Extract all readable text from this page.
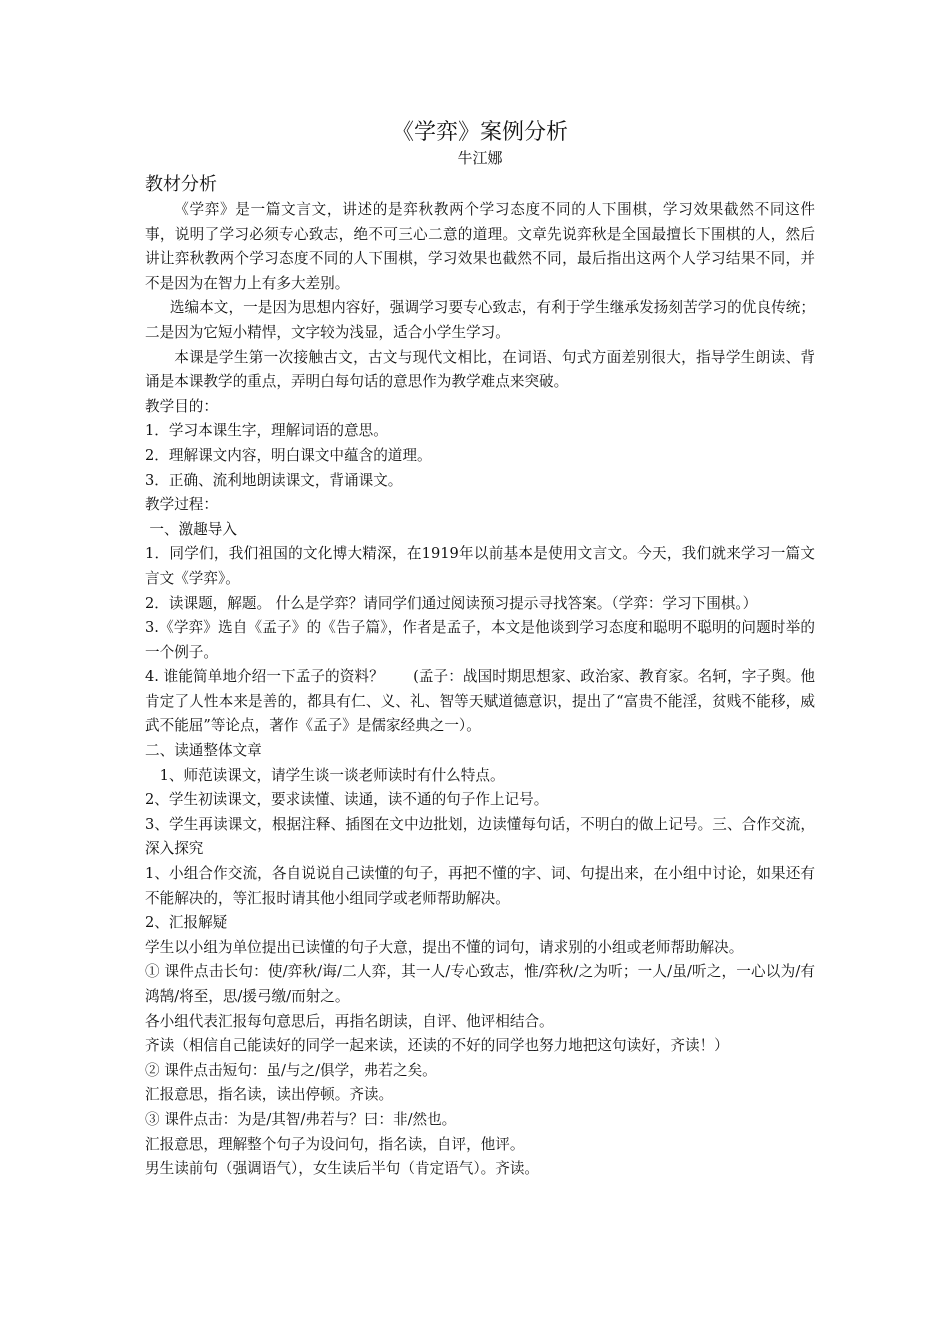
《学弈》案例分析
牛江娜
教材分析

《学弈》是一篇文言文，讲述的是弈秋教两个学习态度不同的人下围棋，学习效果截然不同这件事，说明了学习必须专心致志，绝不可三心二意的道理。文章先说弈秋是全国最擅长下围棋的人，然后讲让弈秋教两个学习态度不同的人下围棋，学习效果也截然不同，最后指出这两个人学习结果不同，并不是因为在智力上有多大差别。

选编本文，一是因为思想内容好，强调学习要专心致志，有利于学生继承发扬刻苦学习的优良传统；二是因为它短小精悍，文字较为浅显，适合小学生学习。

本课是学生第一次接触古文，古文与现代文相比，在词语、句式方面差别很大，指导学生朗读、背诵是本课教学的重点，弄明白每句话的意思作为教学难点来突破。

教学目的：

1．学习本课生字，理解词语的意思。

2．理解课文内容，明白课文中蕴含的道理。

3．正确、流利地朗读课文，背诵课文。

教学过程：

一、激趣导入

1．同学们，我们祖国的文化博大精深，在1919年以前基本是使用文言文。今天，我们就来学习一篇文言文《学弈》。

2．读课题，解题。 什么是学弈？请同学们通过阅读预习提示寻找答案。（学弈：学习下围棋。）

3.《学弈》选自《孟子》的《告子篇》，作者是孟子，本文是他谈到学习态度和聪明不聪明的问题时举的一个例子。

4. 谁能简单地介绍一下孟子的资料？　　(孟子：战国时期思想家、政治家、教育家。名轲，字子舆。他肯定了人性本来是善的，都具有仁、义、礼、智等天赋道德意识，提出了“富贵不能淫，贫贱不能移，威武不能屈”等论点，著作《孟子》是儒家经典之一）。

二、读通整体文章

1、师范读课文，请学生谈一谈老师读时有什么特点。

2、学生初读课文，要求读懂、读通，读不通的句子作上记号。

3、学生再读课文，根据注释、插图在文中边批划，边读懂每句话，不明白的做上记号。三、合作交流，深入探究

1、小组合作交流，各自说说自己读懂的句子，再把不懂的字、词、句提出来，在小组中讨论，如果还有不能解决的，等汇报时请其他小组同学或老师帮助解决。

2、汇报解疑

学生以小组为单位提出已读懂的句子大意，提出不懂的词句，请求别的小组或老师帮助解决。

① 课件点击长句：使/弈秋/诲/二人弈，其一人/专心致志，惟/弈秋/之为听；一人/虽/听之，一心以为/有鸿鹄/将至，思/援弓缴/而射之。

各小组代表汇报每句意思后，再指名朗读，自评、他评相结合。

齐读（相信自己能读好的同学一起来读，还读的不好的同学也努力地把这句读好，齐读！）

② 课件点击短句：虽/与之/俱学，弗若之矣。

汇报意思，指名读，读出停顿。齐读。

③ 课件点击：为是/其智/弗若与？曰：非/然也。

汇报意思，理解整个句子为设问句，指名读，自评，他评。

男生读前句（强调语气），女生读后半句（肯定语气）。齐读。
